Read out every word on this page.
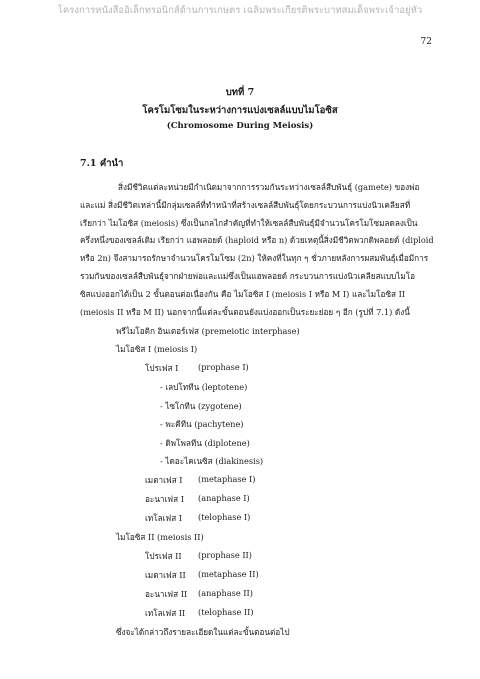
โครงการหนังสืออิเล็กทรอนิกส์ด้านการเกษตร เฉลิมพระเกียรติพระบาทสมเด็จพระเจ้าอยู่หัว
72
บทที่ 7
โครโมโซมในระหว่างการแบ่งเซลล์แบบไมโอซิส
(Chromosome During Meiosis)
7.1 คำนำ
สิ่งมีชีวิตแต่ละหน่วยมีกำเนิดมาจากการรวมกันระหว่างเซลล์สืบพันธุ์ (gamete) ของพ่อ
และแม่ สิ่งมีชีวิตเหล่านี้มีกลุ่มเซลล์ที่ทำหน้าที่สร้างเซลล์สืบพันธุ์โดยกระบวนการแบ่งนิวเคลียสที่
เรียกว่า ไมโอซิส (meiosis) ซึ่งเป็นกลไกสำคัญที่ทำให้เซลล์สืบพันธุ์มีจำนวนโครโมโซมลดลงเป็น
ครึ่งหนึ่งของเซลล์เดิม เรียกว่า แฮพลอยด์ (haploid หรือ n) ด้วยเหตุนี้สิ่งมีชีวิตพวกดิพลอยด์ (diploid
หรือ 2n) จึงสามารถรักษาจำนวนโครโมโซม (2n) ให้คงที่ในทุก ๆ ชั่วภายหลังการผสมพันธุ์เมื่อมีการ
รวมกันของเซลล์สืบพันธุ์จากฝ่ายพ่อและแม่ซึ่งเป็นแฮพลอยด์ กระบวนการแบ่งนิวเคลียสแบบไมโอ
ซิสแบ่งออกได้เป็น 2 ขั้นตอนต่อเนื่องกัน คือ ไมโอซิส I (meiosis I หรือ M I) และไมโอซิส II
(meiosis II หรือ M II) นอกจากนี้แต่ละขั้นตอนยังแบ่งออกเป็นระยะย่อย ๆ อีก (รูปที่ 7.1) ดังนี้
พรีไมโอติก อินเตอร์เฟส (premeiotic interphase)
ไมโอซิส I (meiosis I)
โปรเฟส I (prophase I)
- เลปโททีน (leptotene)
- ไซโกทีน (zygotene)
- พะคีทีน (pachytene)
- ดิพโพลทีน (diplotene)
- ไดอะไคเนซิส (diakinesis)
เมตาเฟส I (metaphase I)
อะนาเฟส I (anaphase I)
เทโลเฟส I (telophase I)
ไมโอซิส II (meiosis II)
โปรเฟส II (prophase II)
เมตาเฟส II (metaphase II)
อะนาเฟส II (anaphase II)
เทโลเฟส II (telophase II)
ซึ่งจะได้กล่าวถึงรายละเอียดในแต่ละขั้นตอนต่อไป
